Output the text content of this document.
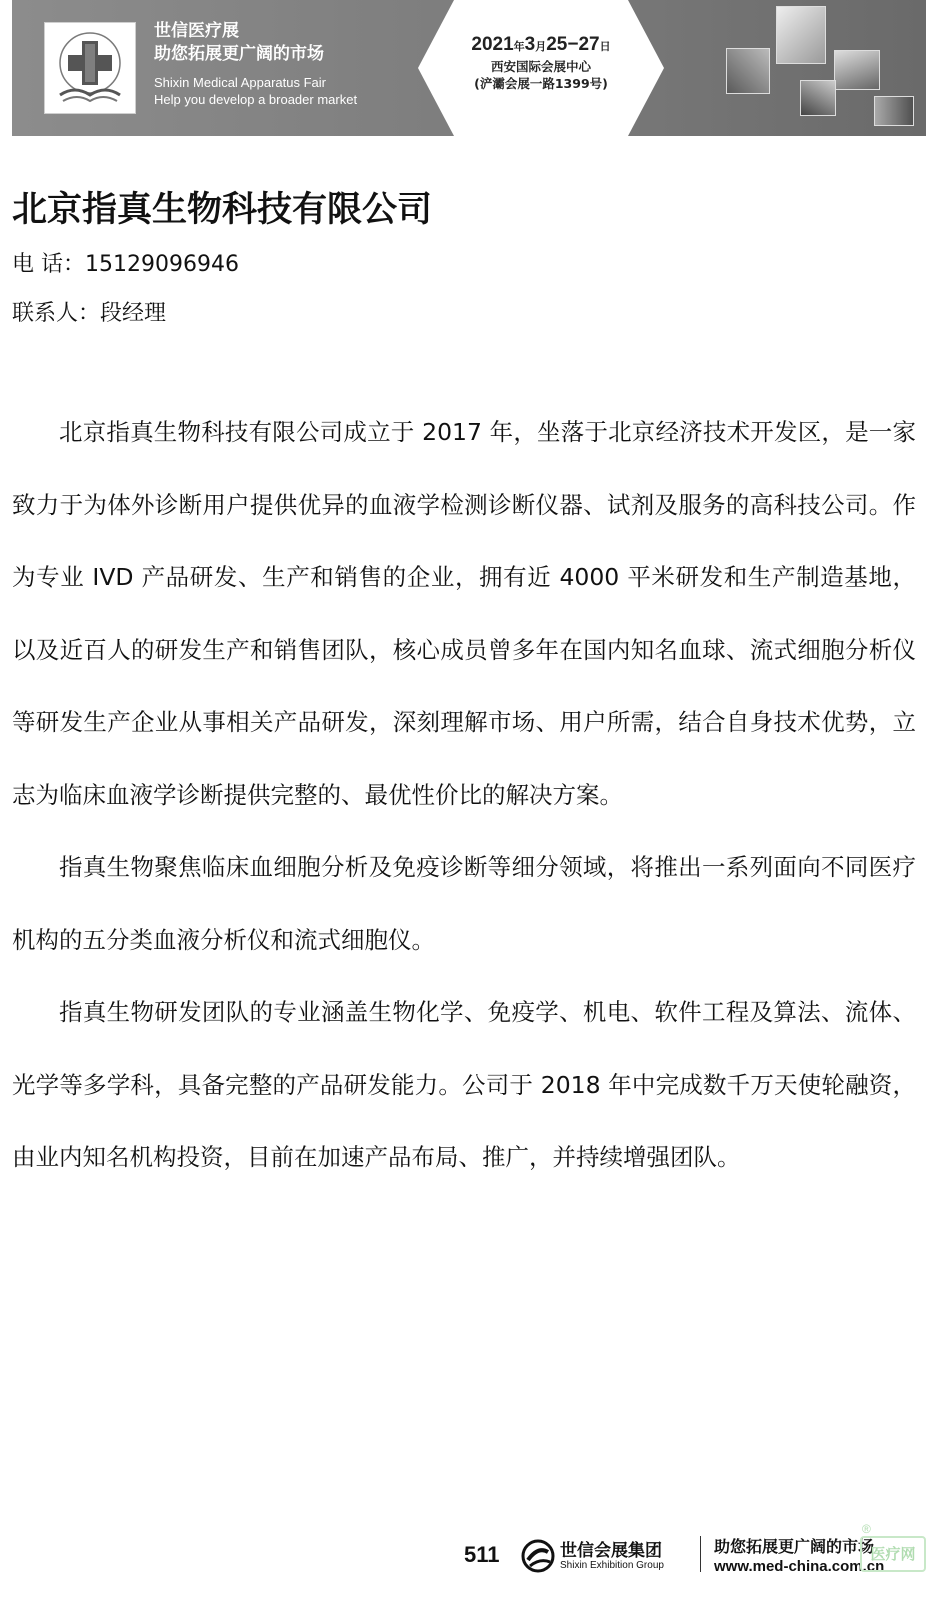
世信医疗展
助您拓展更广阔的市场
Shixin Medical Apparatus Fair
Help you develop a broader market
2021年3月25−27日
西安国际会展中心
(浐灞会展一路1399号)
北京指真生物科技有限公司
电 话：15129096946
联系人：段经理

北京指真生物科技有限公司成立于 2017 年，坐落于北京经济技术开发区，是一家致力于为体外诊断用户提供优异的血液学检测诊断仪器、试剂及服务的高科技公司。作为专业 IVD 产品研发、生产和销售的企业，拥有近 4000 平米研发和生产制造基地，以及近百人的研发生产和销售团队，核心成员曾多年在国内知名血球、流式细胞分析仪等研发生产企业从事相关产品研发，深刻理解市场、用户所需，结合自身技术优势，立志为临床血液学诊断提供完整的、最优性价比的解决方案。

指真生物聚焦临床血细胞分析及免疫诊断等细分领域，将推出一系列面向不同医疗机构的五分类血液分析仪和流式细胞仪。

指真生物研发团队的专业涵盖生物化学、免疫学、机电、软件工程及算法、流体、光学等多学科，具备完整的产品研发能力。公司于 2018 年中完成数千万天使轮融资，由业内知名机构投资，目前在加速产品布局、推广，并持续增强团队。

511	世信会展集团
Shixin Exhibition Group
助您拓展更广阔的市场
www.med-china.com.cn
医疗网
®
